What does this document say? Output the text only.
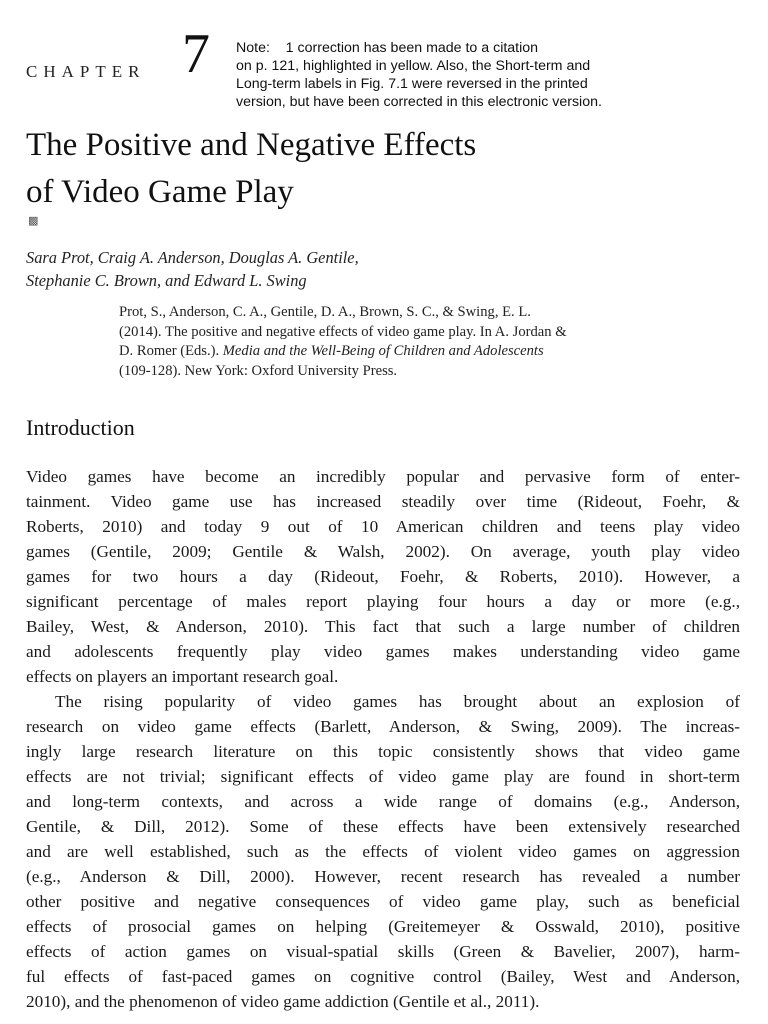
CHAPTER 7 Note:    1 correction has been made to a citation
on p. 121, highlighted in yellow. Also, the Short-term and
Long-term labels in Fig. 7.1 were reversed in the printed
version, but have been corrected in this electronic version.
The Positive and Negative Effects
of Video Game Play
▩
Sara Prot, Craig A. Anderson, Douglas A. Gentile,
Stephanie C. Brown, and Edward L. Swing
Prot, S., Anderson, C. A., Gentile, D. A., Brown, S. C., & Swing, E. L.
(2014). The positive and negative effects of video game play. In A. Jordan &
D. Romer (Eds.). Media and the Well-Being of Children and Adolescents
(109-128). New York: Oxford University Press.
Introduction
Video games have become an incredibly popular and pervasive form of enter-
tainment. Video game use has increased steadily over time (Rideout, Foehr, &
Roberts, 2010) and today 9 out of 10 American children and teens play video
games (Gentile, 2009; Gentile & Walsh, 2002). On average, youth play video
games for two hours a day (Rideout, Foehr, & Roberts, 2010). However, a
significant percentage of males report playing four hours a day or more (e.g.,
Bailey, West, & Anderson, 2010). This fact that such a large number of children
and adolescents frequently play video games makes understanding video game
effects on players an important research goal.
The rising popularity of video games has brought about an explosion of
research on video game effects (Barlett, Anderson, & Swing, 2009). The increas-
ingly large research literature on this topic consistently shows that video game
effects are not trivial; significant effects of video game play are found in short-term
and long-term contexts, and across a wide range of domains (e.g., Anderson,
Gentile, & Dill, 2012). Some of these effects have been extensively researched
and are well established, such as the effects of violent video games on aggression
(e.g., Anderson & Dill, 2000). However, recent research has revealed a number
other positive and negative consequences of video game play, such as beneficial
effects of prosocial games on helping (Greitemeyer & Osswald, 2010), positive
effects of action games on visual-spatial skills (Green & Bavelier, 2007), harm-
ful effects of fast-paced games on cognitive control (Bailey, West and Anderson,
2010), and the phenomenon of video game addiction (Gentile et al., 2011).
